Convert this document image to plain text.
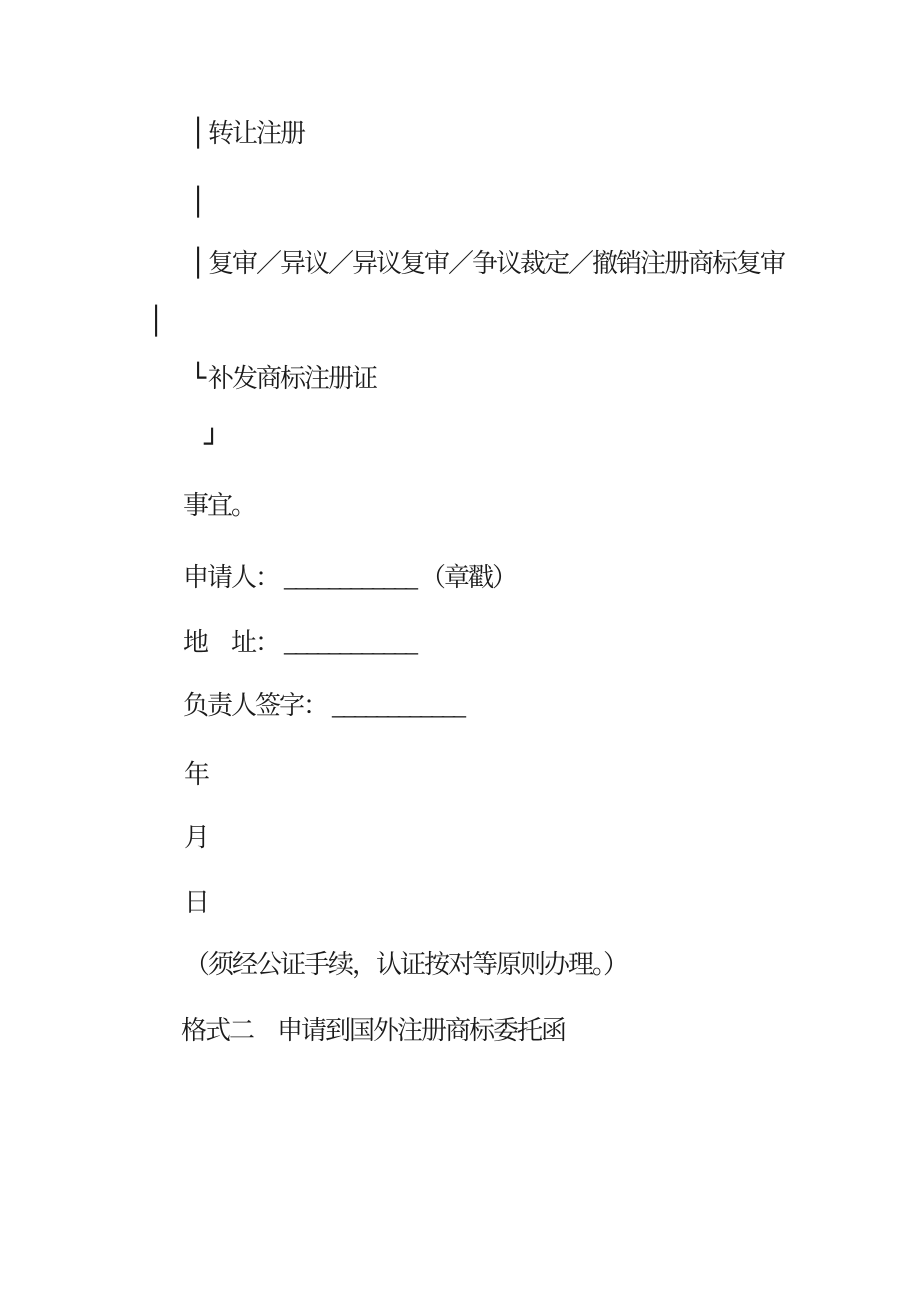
│转让注册
│
│复审／异议／异议复审／争议裁定／撤销注册商标复审
│
└补发商标注册证
┘
事宜。
申请人： ____________ （章戳）
地　址： ____________
负责人签字： ____________
年
月
日
（须经公证手续，认证按对等原则办理。）
格式二　申请到国外注册商标委托函
